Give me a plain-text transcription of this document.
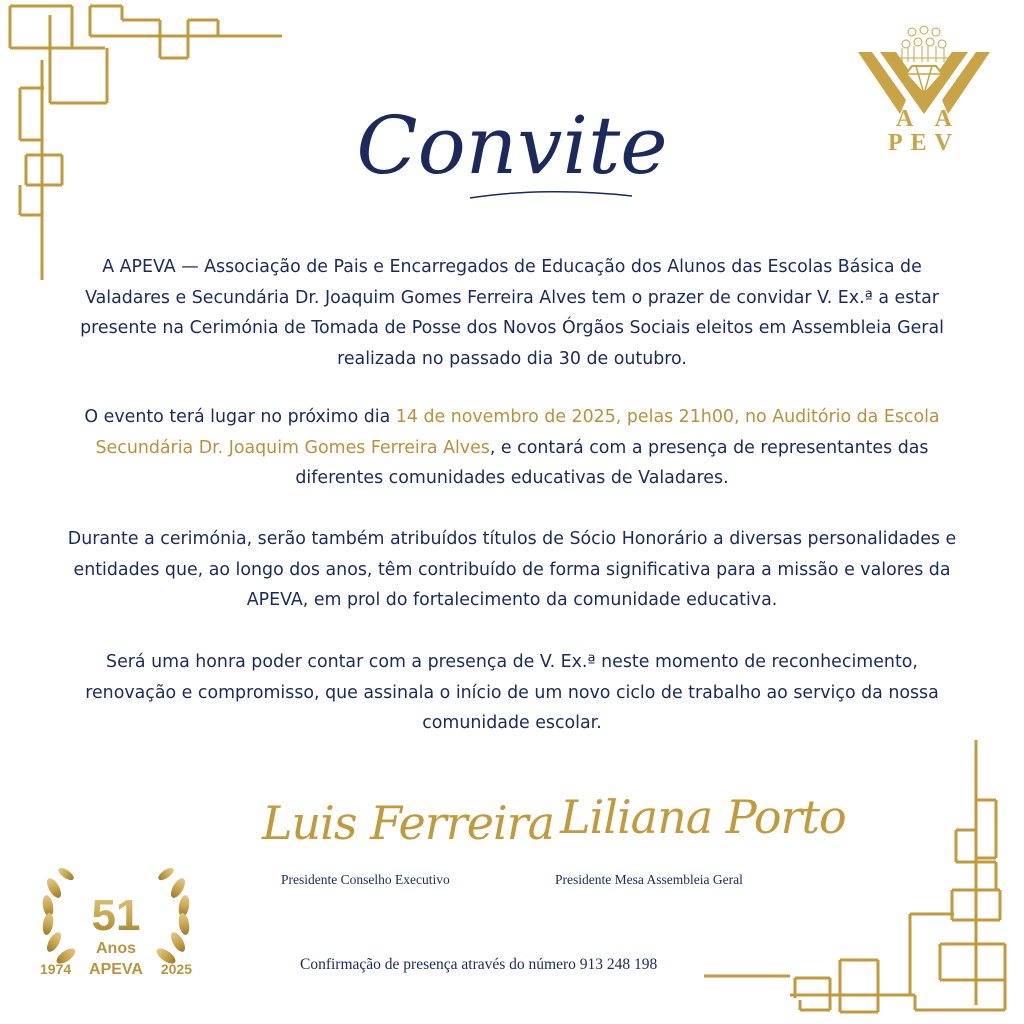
A    A
PEV
Convite

A APEVA — Associação de Pais e Encarregados de Educação dos Alunos das Escolas Básica de Valadares e Secundária Dr. Joaquim Gomes Ferreira Alves tem o prazer de convidar V. Ex.ª a estar presente na Cerimónia de Tomada de Posse dos Novos Órgãos Sociais eleitos em Assembleia Geral realizada no passado dia 30 de outubro.

O evento terá lugar no próximo dia 14 de novembro de 2025, pelas 21h00, no Auditório da Escola Secundária Dr. Joaquim Gomes Ferreira Alves, e contará com a presença de representantes das diferentes comunidades educativas de Valadares.

Durante a cerimónia, serão também atribuídos títulos de Sócio Honorário a diversas personalidades e entidades que, ao longo dos anos, têm contribuído de forma significativa para a missão e valores da APEVA, em prol do fortalecimento da comunidade educativa.

Será uma honra poder contar com a presença de V. Ex.ª neste momento de reconhecimento, renovação e compromisso, que assinala o início de um novo ciclo de trabalho ao serviço da nossa comunidade escolar.

Luis Ferreira
Presidente Conselho Executivo
Liliana Porto
Presidente Mesa Assembleia Geral
51
Anos
1974 APEVA 2025	Confirmação de presença através do número 913 248 198
